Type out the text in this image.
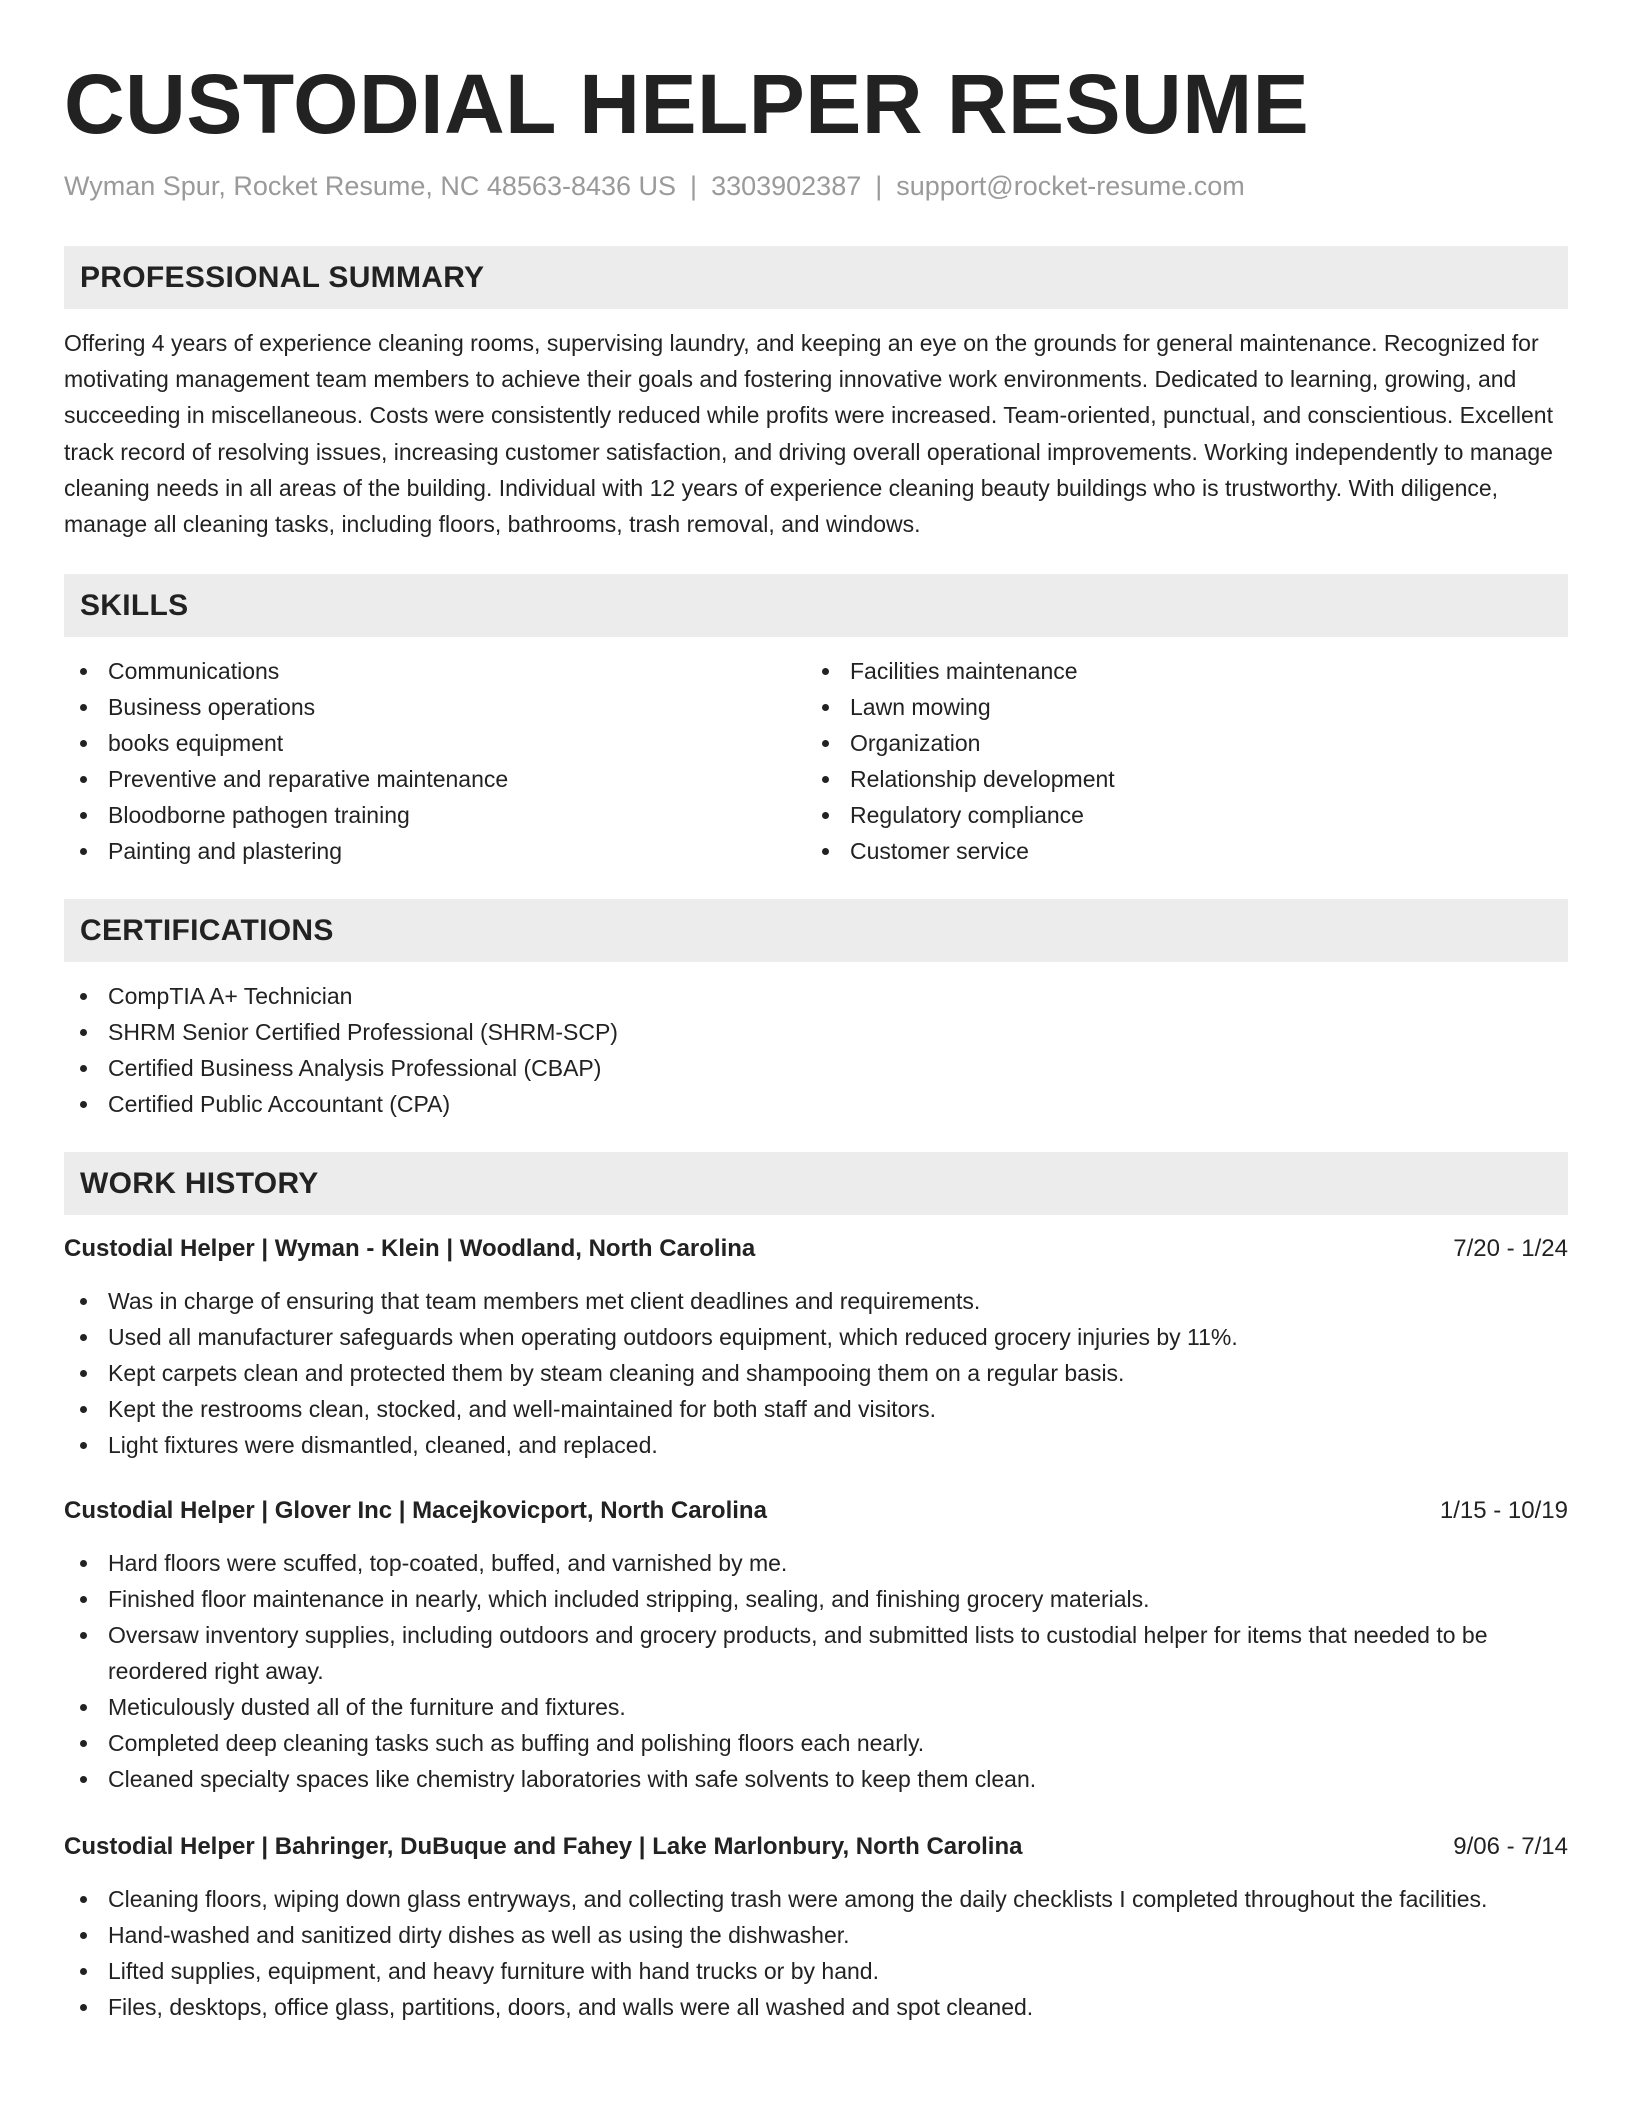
CUSTODIAL HELPER RESUME
Wyman Spur, Rocket Resume, NC 48563-8436 US | 3303902387 | support@rocket-resume.com
PROFESSIONAL SUMMARY

Offering 4 years of experience cleaning rooms, supervising laundry, and keeping an eye on the grounds for general maintenance. Recognized for motivating management team members to achieve their goals and fostering innovative work environments. Dedicated to learning, growing, and succeeding in miscellaneous. Costs were consistently reduced while profits were increased. Team-oriented, punctual, and conscientious. Excellent track record of resolving issues, increasing customer satisfaction, and driving overall operational improvements. Working independently to manage cleaning needs in all areas of the building. Individual with 12 years of experience cleaning beauty buildings who is trustworthy. With diligence, manage all cleaning tasks, including floors, bathrooms, trash removal, and windows.

SKILLS
Communications
Business operations
books equipment
Preventive and reparative maintenance
Bloodborne pathogen training
Painting and plastering
Facilities maintenance
Lawn mowing
Organization
Relationship development
Regulatory compliance
Customer service
CERTIFICATIONS
CompTIA A+ Technician
SHRM Senior Certified Professional (SHRM-SCP)
Certified Business Analysis Professional (CBAP)
Certified Public Accountant (CPA)
WORK HISTORY
Custodial Helper | Wyman - Klein | Woodland, North Carolina	7/20 - 1/24
Was in charge of ensuring that team members met client deadlines and requirements.
Used all manufacturer safeguards when operating outdoors equipment, which reduced grocery injuries by 11%.
Kept carpets clean and protected them by steam cleaning and shampooing them on a regular basis.
Kept the restrooms clean, stocked, and well-maintained for both staff and visitors.
Light fixtures were dismantled, cleaned, and replaced.
Custodial Helper | Glover Inc | Macejkovicport, North Carolina	1/15 - 10/19
Hard floors were scuffed, top-coated, buffed, and varnished by me.
Finished floor maintenance in nearly, which included stripping, sealing, and finishing grocery materials.
Oversaw inventory supplies, including outdoors and grocery products, and submitted lists to custodial helper for items that needed to be reordered right away.
Meticulously dusted all of the furniture and fixtures.
Completed deep cleaning tasks such as buffing and polishing floors each nearly.
Cleaned specialty spaces like chemistry laboratories with safe solvents to keep them clean.
Custodial Helper | Bahringer, DuBuque and Fahey | Lake Marlonbury, North Carolina	9/06 - 7/14
Cleaning floors, wiping down glass entryways, and collecting trash were among the daily checklists I completed throughout the facilities.
Hand-washed and sanitized dirty dishes as well as using the dishwasher.
Lifted supplies, equipment, and heavy furniture with hand trucks or by hand.
Files, desktops, office glass, partitions, doors, and walls were all washed and spot cleaned.
